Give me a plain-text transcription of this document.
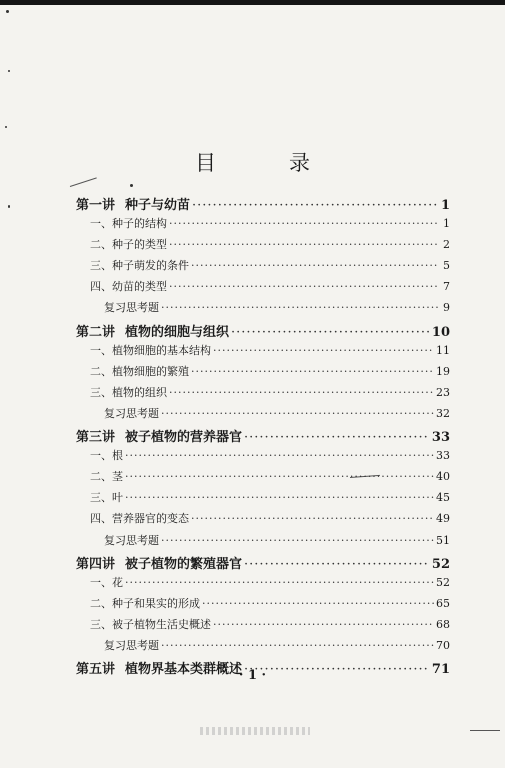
目　录
第一讲 种子与幼苗 ·····	1
一、种子的结构 ·····	1
二、种子的类型 ·····	2
三、种子萌发的条件 ·····	5
四、幼苗的类型 ·····	7
复习思考题 ·····	9
第二讲 植物的细胞与组织 ·····	10
一、植物细胞的基本结构 ·····	11
二、植物细胞的繁殖 ·····	19
三、植物的组织 ·····	23
复习思考题 ·····	32
第三讲 被子植物的营养器官 ·····	33
一、根 ·····	33
二、茎 ·····	40
三、叶 ·····	45
四、营养器官的变态 ·····	49
复习思考题 ·····	51
第四讲 被子植物的繁殖器官 ·····	52
一、花 ·····	52
二、种子和果实的形成 ·····	65
三、被子植物生活史概述 ·····	68
复习思考题 ·····	70
第五讲 植物界基本类群概述 ·····	71
· 1 ·
